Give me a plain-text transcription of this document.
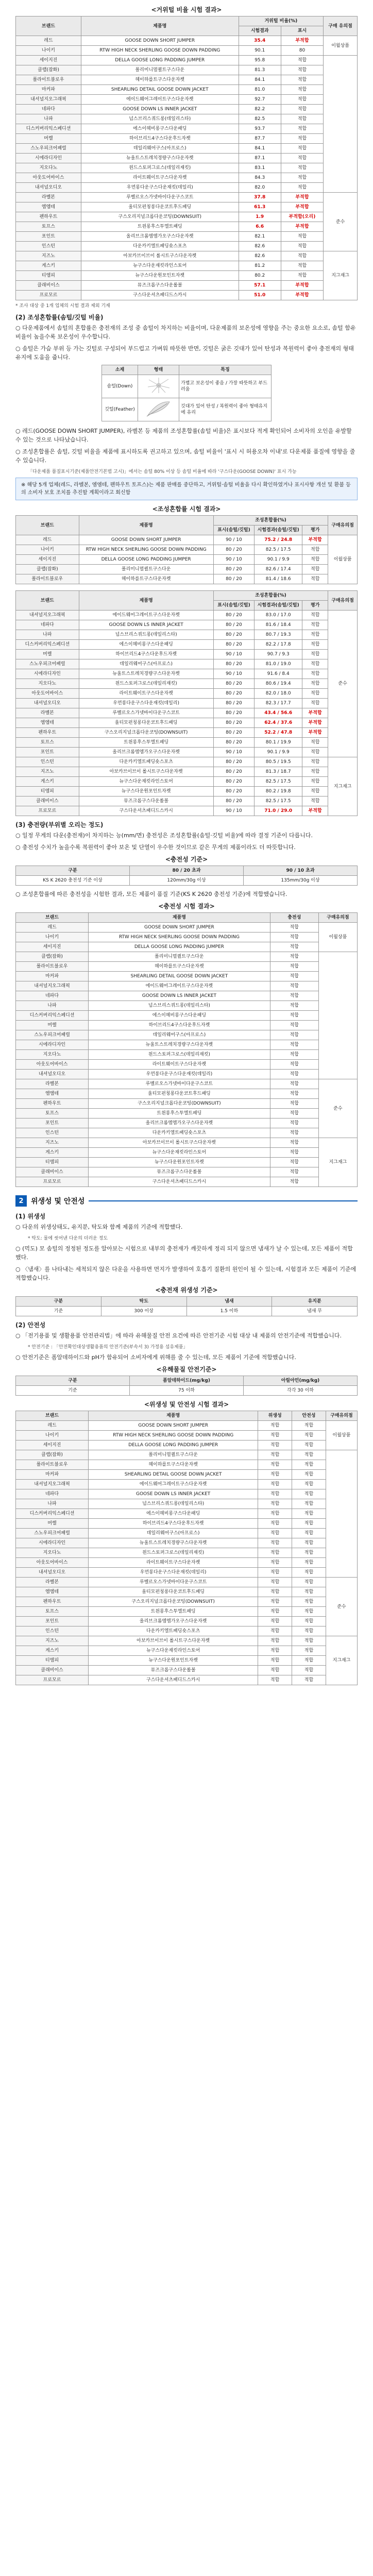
<거위털 비율 시험 결과>
브랜드	제품명	거위털 비율(%)		구매 유의점
		시험결과	표시	
레드	GOOSE DOWN SHORT JUMPER	35.4	부적합	이월상품
나이키	RTW HIGH NECK SHERLING GOOSE DOWN PADDING	90.1	80	
세이지진	DELLA GOOSE LONG PADDING JUMPER	95.8	적합	
클랩(잡화)	폴리미니멀퀼트구스다운	81.3	적합	
폴라이트블로우	헤이하를트구스다운자켓	84.1	적합	
마커파	SHEARLING DETAIL GOOSE DOWN JACKET	81.0	적합	
내셔널지오그래픽	에이드웨어그레이트구스다운자켓	92.7	적합	
네파다	GOOSE DOWN LS INNER JACKET	82.2	적합	
나파	넘스브리스쿼드롱(데일리스타)	82.5	적합	
디스커버리익스페디션	에스이헤비롱구스다운패딩	93.7	적합	
머렐	하이브리드4구스다운후드자켓	87.7	적합	
스노우피크어패럴	데일리웨어구스(아프로스)	84.1	적합	
시에라디자인	뉴울트스트레치경량구스다운자켓	87.1	적합	
지오다노	윈드스토퍼그로스(데일리재킷)	83.1	적합	
아웃도어바이스	라이트웨이트구스다운자켓	84.3	적합	
내셔널오디오	우먼롱다운구스다운재킷(데일리)	82.0	적합	
라벨본	루벨르오스가넷바이다운구스코트	37.8	부적합	준수
엠엠테	울티모펀칭롱다운코트후드패딩	61.3	부적합	
펜하우트	구스오리지널크롭다운코팅(DOWNSUIT)	1.9	부적합(오리)	
토프스	트윈롱후스투엘트패딩	6.6	부적합	
포인트	올리브크롬엠엠가오구스다운자켓	82.1	적합	
인스턴	다운카키엘트패딩숏스포츠	82.6	적합	
지즈노	아보카브이브이 롤시트구스다운자켓	82.6	적합	지그재그
게스키	뉴구스다운재킷라인스토어	81.2	적합	
티엠피	뉴구스다운원포인트자켓	80.2	적합	
클래비이스	뮤즈크롭구스다운롤볼	57.1	부적합	
프로모르	구스다운셔츠패디드스카시	51.0	부적합	

* 조사 대상 중 1개 업체의 시험 결과 제외 기재

(2) 조성혼합률(솜털/깃털 비율)

○ 다운제품에서 솜털의 혼합률은 충전재의 조성 중 솜털이 차지하는 비율이며, 다운제품의 보온성에 영향을 주는 중요한 요소로, 솜털 함유 비율이 높을수록 보온성이 우수합니다.

○ 솜털은 가슴 부위 등 가는 깃털로 구성되어 부드럽고 가벼워 따뜻한 반면, 깃털은 굵은 깃대가 있어 탄성과 복원력이 좋아 충전재의 형태 유지에 도움을 줍니다.

소재	형태	특징
솜털(Down)		가볍고 보온성이 좋음 / 가장 따뜻하고 부드러움
깃털(Feather)		깃대가 있어 탄성 / 복원력이 좋아 형태유지에 유리

○ 레드(GOOSE DOWN SHORT JUMPER), 라벨본 등 제품의 조성혼합률(솜털 비율)은 표시보다 적게 확인되어 소비자의 오인을 유발할 수 있는 것으로 나타났습니다.

○ 조성혼합률은 솜털, 깃털 비율을 제품에 표시하도록 권고하고 있으며, 솜털 비율이 '표시 시 허용오차 이내'로 다운제품 품질에 영향을 줄 수 있습니다.

「다운제품 품질표시기준(제품안전기본법 고시)」에서는 솜털 80% 이상 등 솜털 비율에 따라 '구스다운(GOOSE DOWN)' 표시 가능

※ 해당 5개 업체(레드, 라벨본, 엠엠테, 펜하우트 토프스)는 제품 판매를 중단하고, 거위털·솜털 비율을 다시 확인하였거나 표시사항 개선 및 환불 등의 소비자 보호 조치를 추진할 계획이라고 회신함
<조성혼합률 시험 결과>
브랜드	제품명	조성혼합률(%)			구매유의점
		표시(솜털/깃털)	시험결과(솜털/깃털)	평가	
레드	GOOSE DOWN SHORT JUMPER	90 / 10	75.2 / 24.8	부적합	이월상품
나이키	RTW HIGH NECK SHERLING GOOSE DOWN PADDING	80 / 20	82.5 / 17.5	적합	
세이지진	DELLA GOOSE LONG PADDING JUMPER	90 / 10	90.1 / 9.9	적합	
클랩(잡화)	폴리미니멀퀼트구스다운	80 / 20	82.6 / 17.4	적합	
폴라이트블로우	헤이하를트구스다운자켓	80 / 20	81.4 / 18.6	적합	
브랜드	제품명	조성혼합률(%)			구매유의점
		표시(솜털/깃털)	시험결과(솜털/깃털)	평가	
내셔널지오그래픽	에이드웨어그레이트구스다운자켓	80 / 20	83.0 / 17.0	적합	준수
네파다	GOOSE DOWN LS INNER JACKET	80 / 20	81.6 / 18.4	적합	
나파	넘스브리스쿼드롱(데일리스타)	80 / 20	80.7 / 19.3	적합	
디스커버리익스페디션	에스이헤비롱구스다운패딩	80 / 20	82.2 / 17.8	적합	
머렐	하이브리드4구스다운후드자켓	90 / 10	90.7 / 9.3	적합	
스노우피크어패럴	데일리웨어구스(아프로스)	80 / 20	81.0 / 19.0	적합	
시에라디자인	뉴울트스트레치경량구스다운자켓	90 / 10	91.6 / 8.4	적합	
지오다노	윈드스토퍼그로스(데일리재킷)	80 / 20	80.6 / 19.4	적합	
아웃도어바이스	라이트웨이트구스다운자켓	80 / 20	82.0 / 18.0	적합	
내셔널오디오	우먼롱다운구스다운재킷(데일리)	80 / 20	82.3 / 17.7	적합	
라벨본	루벨르오스가넷바이다운구스코트	80 / 20	43.4 / 56.6	부적합	
엠엠테	울티모펀칭롱다운코트후드패딩	80 / 20	62.4 / 37.6	부적합	
펜하우트	구스오리지널크롭다운코팅(DOWNSUIT)	80 / 20	52.2 / 47.8	부적합	
토프스	트윈롱후스투엘트패딩	80 / 20	80.1 / 19.9	적합	
포인트	올리브크롬엠엠가오구스다운자켓	90 / 10	90.1 / 9.9	적합	
인스턴	다운카키엘트패딩숏스포츠	80 / 20	80.5 / 19.5	적합	지그재그
지즈노	아보카브이브이 롤시트구스다운자켓	80 / 20	81.3 / 18.7	적합	
게스키	뉴구스다운재킷라인스토어	80 / 20	82.5 / 17.5	적합	
티엠피	뉴구스다운원포인트자켓	80 / 20	80.2 / 19.8	적합	
클래비이스	뮤즈크롭구스다운롤볼	80 / 20	82.5 / 17.5	적합	
프로모르	구스다운셔츠패디드스카시	90 / 10	71.0 / 29.0	부적합	
(3) 충전량(부위별 오리는 정도)

○ 일정 무게의 다운(충전재)이 차지하는 능(mm/면) 충전성은 조성혼합률(솜털·깃털 비율)에 따라 결정 기준이 다릅니다.

○ 충전성 수치가 높을수록 복원력이 좋아 보온 및 단열이 우수한 것이므로 같은 무게의 제품이라도 더 따뜻합니다.

<충전성 기준>
구분	80 / 20 초과	90 / 10 초과
KS K 2620 충전성 기준 이상	120mm/30g 이상	135mm/30g 이상

○ 조성혼합률에 따른 충전성을 시험한 결과, 모든 제품이 품질 기준(KS K 2620 충전성 기준)에 적합했습니다.

<충전성 시험 결과>
브랜드	제품명	충전성	구매유의점
레드	GOOSE DOWN SHORT JUMPER	적합	이월상품
나이키	RTW HIGH NECK SHERLING GOOSE DOWN PADDING	적합	
세이지진	DELLA GOOSE LONG PADDING JUMPER	적합	
클랩(잡화)	폴리미니멀퀼트구스다운	적합	
폴라이트블로우	헤이하를트구스다운자켓	적합	
마커파	SHEARLING DETAIL GOOSE DOWN JACKET	적합	
내셔널지오그래픽	에이드웨어그레이트구스다운자켓	적합	
네파다	GOOSE DOWN LS INNER JACKET	적합	
나파	넘스브리스쿼드롱(데일리스타)	적합	
디스커버리익스페디션	에스이헤비롱구스다운패딩	적합	
머렐	하이브리드4구스다운후드자켓	적합	
스노우피크어패럴	데일리웨어구스(아프로스)	적합	
시에라디자인	뉴울트스트레치경량구스다운자켓	적합	
지오다노	윈드스토퍼그로스(데일리재킷)	적합	
아웃도어바이스	라이트웨이트구스다운자켓	적합	
내셔널오디오	우먼롱다운구스다운재킷(데일리)	적합	
라벨본	루벨르오스가넷바이다운구스코트	적합	준수
엠엠테	울티모펀칭롱다운코트후드패딩	적합	
펜하우트	구스오리지널크롭다운코팅(DOWNSUIT)	적합	
토프스	트윈롱후스투엘트패딩	적합	
포인트	올리브크롬엠엠가오구스다운자켓	적합	
인스턴	다운카키엘트패딩숏스포츠	적합	
지즈노	아보카브이브이 롤시트구스다운자켓	적합	지그재그
게스키	뉴구스다운재킷라인스토어	적합	
티엠피	뉴구스다운원포인트자켓	적합	
클래비이스	뮤즈크롭구스다운롤볼	적합	
프로모르	구스다운셔츠패디드스카시	적합	
2	위생성 및 안전성
(1) 위생성

○ 다운의 위생상태도, 유지분, 탁도와 함께 제품의 기준에 적합했다.

* 탁도: 물에 씻어낸 다운의 더러운 정도

○ (먹도) 모 솜털의 정정된 정도를 알아보는 시험으로 내부의 충전재가 깨끗하게 정리 되지 않으면 냄새가 날 수 있는데, 모든 제품이 적합했다.

○ 〈냄새〉를 나타내는 세척되지 않은 다운을 사용하면 먼지가 발생하여 호흡기 질환의 원인이 될 수 있는데, 시험결과 모든 제품이 기준에 적합했습니다.

<충전재 위생성 기준>
구분	탁도	냄새	유지분
기준	300 이상	1.5 이하	냄새 무
(2) 안전성

○ 「전기용품 및 생활용품 안전관리법」에 따라 유해물질 안전 요건에 따른 안전기준 시험 대상 내 제품의 안전기준에 적합했습니다.

* 안전기준 : 「안전확인대상생활용품의 안전기준(부속서 3) 가정용 섬유제품」

○ 안전기준은 폼알데하이드와 pH가 함유되어 소비자에게 위해를 줄 수 있는데, 모든 제품이 기준에 적합했습니다.

<유해물질 안전기준>
구분	폼알데하이드(mg/kg)	아릴아민(mg/kg)
기준	75 이하	각각 30 이하
<위생성 및 안전성 시험 결과>
브랜드	제품명	위생성	안전성	구매유의점
레드	GOOSE DOWN SHORT JUMPER	적합	적합	이월상품
나이키	RTW HIGH NECK SHERLING GOOSE DOWN PADDING	적합	적합	
세이지진	DELLA GOOSE LONG PADDING JUMPER	적합	적합	
클랩(잡화)	폴리미니멀퀼트구스다운	적합	적합	
폴라이트블로우	헤이하를트구스다운자켓	적합	적합	
마커파	SHEARLING DETAIL GOOSE DOWN JACKET	적합	적합	
내셔널지오그래픽	에이드웨어그레이트구스다운자켓	적합	적합	
네파다	GOOSE DOWN LS INNER JACKET	적합	적합	
나파	넘스브리스쿼드롱(데일리스타)	적합	적합	
디스커버리익스페디션	에스이헤비롱구스다운패딩	적합	적합	
머렐	하이브리드4구스다운후드자켓	적합	적합	
스노우피크어패럴	데일리웨어구스(아프로스)	적합	적합	
시에라디자인	뉴울트스트레치경량구스다운자켓	적합	적합	
지오다노	윈드스토퍼그로스(데일리재킷)	적합	적합	
아웃도어바이스	라이트웨이트구스다운자켓	적합	적합	
내셔널오디오	우먼롱다운구스다운재킷(데일리)	적합	적합	
라벨본	루벨르오스가넷바이다운구스코트	적합	적합	준수
엠엠테	울티모펀칭롱다운코트후드패딩	적합	적합	
펜하우트	구스오리지널크롭다운코팅(DOWNSUIT)	적합	적합	
토프스	트윈롱후스투엘트패딩	적합	적합	
포인트	올리브크롬엠엠가오구스다운자켓	적합	적합	
인스턴	다운카키엘트패딩숏스포츠	적합	적합	
지즈노	아보카브이브이 롤시트구스다운자켓	적합	적합	지그재그
게스키	뉴구스다운재킷라인스토어	적합	적합	
티엠피	뉴구스다운원포인트자켓	적합	적합	
클래비이스	뮤즈크롭구스다운롤볼	적합	적합	
프로모르	구스다운셔츠패디드스카시	적합	적합	
